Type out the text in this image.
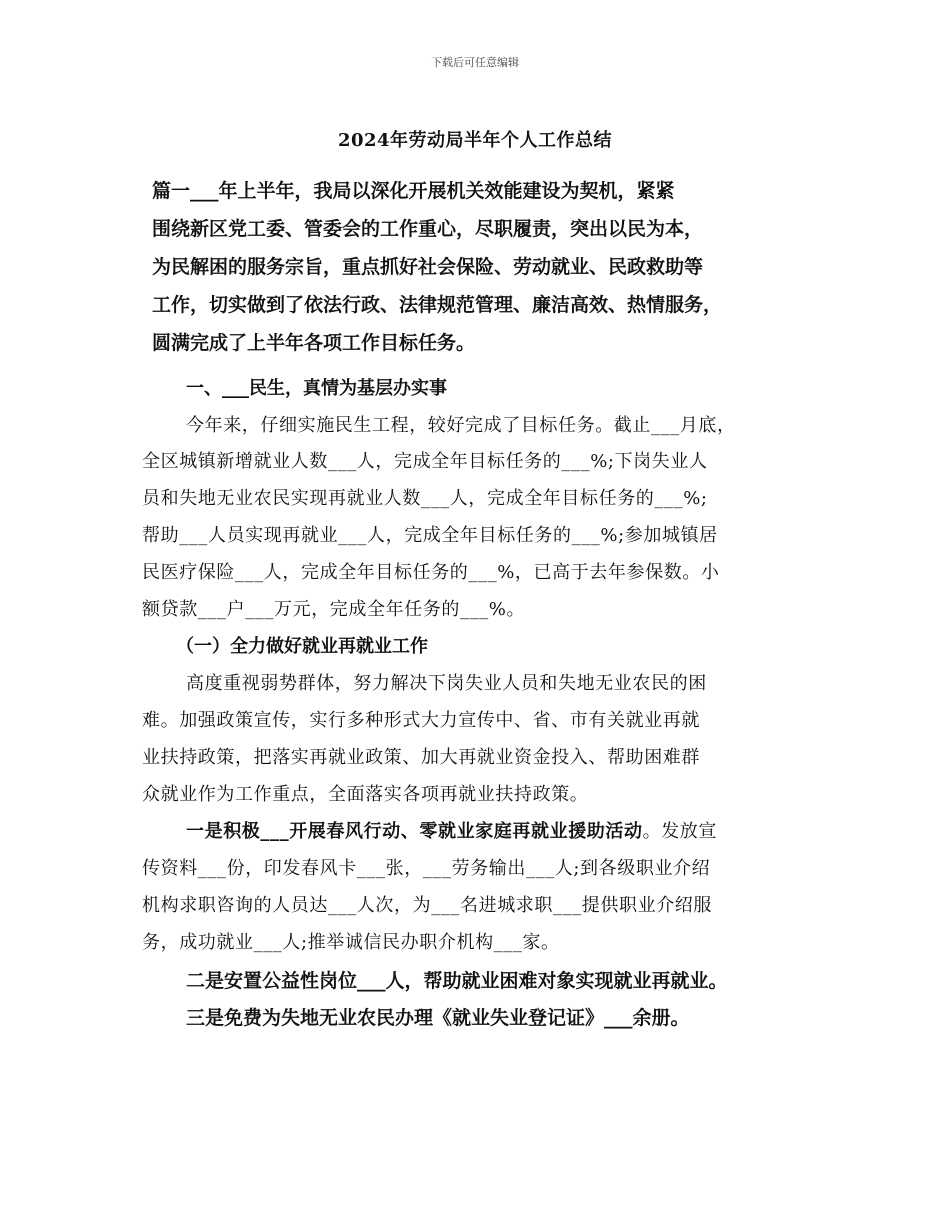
下载后可任意编辑
2024年劳动局半年个人工作总结
篇一___年上半年，我局以深化开展机关效能建设为契机，紧紧
围绕新区党工委、管委会的工作重心，尽职履责，突出以民为本，
为民解困的服务宗旨，重点抓好社会保险、劳动就业、民政救助等
工作，切实做到了依法行政、法律规范管理、廉洁高效、热情服务，
圆满完成了上半年各项工作目标任务。
一、___民生，真情为基层办实事
今年来，仔细实施民生工程，较好完成了目标任务。截止___月底，
全区城镇新增就业人数___人，完成全年目标任务的___%;下岗失业人
员和失地无业农民实现再就业人数___人，完成全年目标任务的___%;
帮助___人员实现再就业___人，完成全年目标任务的___%;参加城镇居
民医疗保险___人，完成全年目标任务的___%，已高于去年参保数。小
额贷款___户___万元，完成全年任务的___%。
（一）全力做好就业再就业工作
高度重视弱势群体，努力解决下岗失业人员和失地无业农民的困
难。加强政策宣传，实行多种形式大力宣传中、省、市有关就业再就
业扶持政策，把落实再就业政策、加大再就业资金投入、帮助困难群
众就业作为工作重点，全面落实各项再就业扶持政策。
一是积极___开展春风行动、零就业家庭再就业援助活动。发放宣
传资料___份，印发春风卡___张，___劳务输出___人;到各级职业介绍
机构求职咨询的人员达___人次，为___名进城求职___提供职业介绍服
务，成功就业___人;推举诚信民办职介机构___家。
二是安置公益性岗位___人，帮助就业困难对象实现就业再就业。
三是免费为失地无业农民办理《就业失业登记证》___余册。
